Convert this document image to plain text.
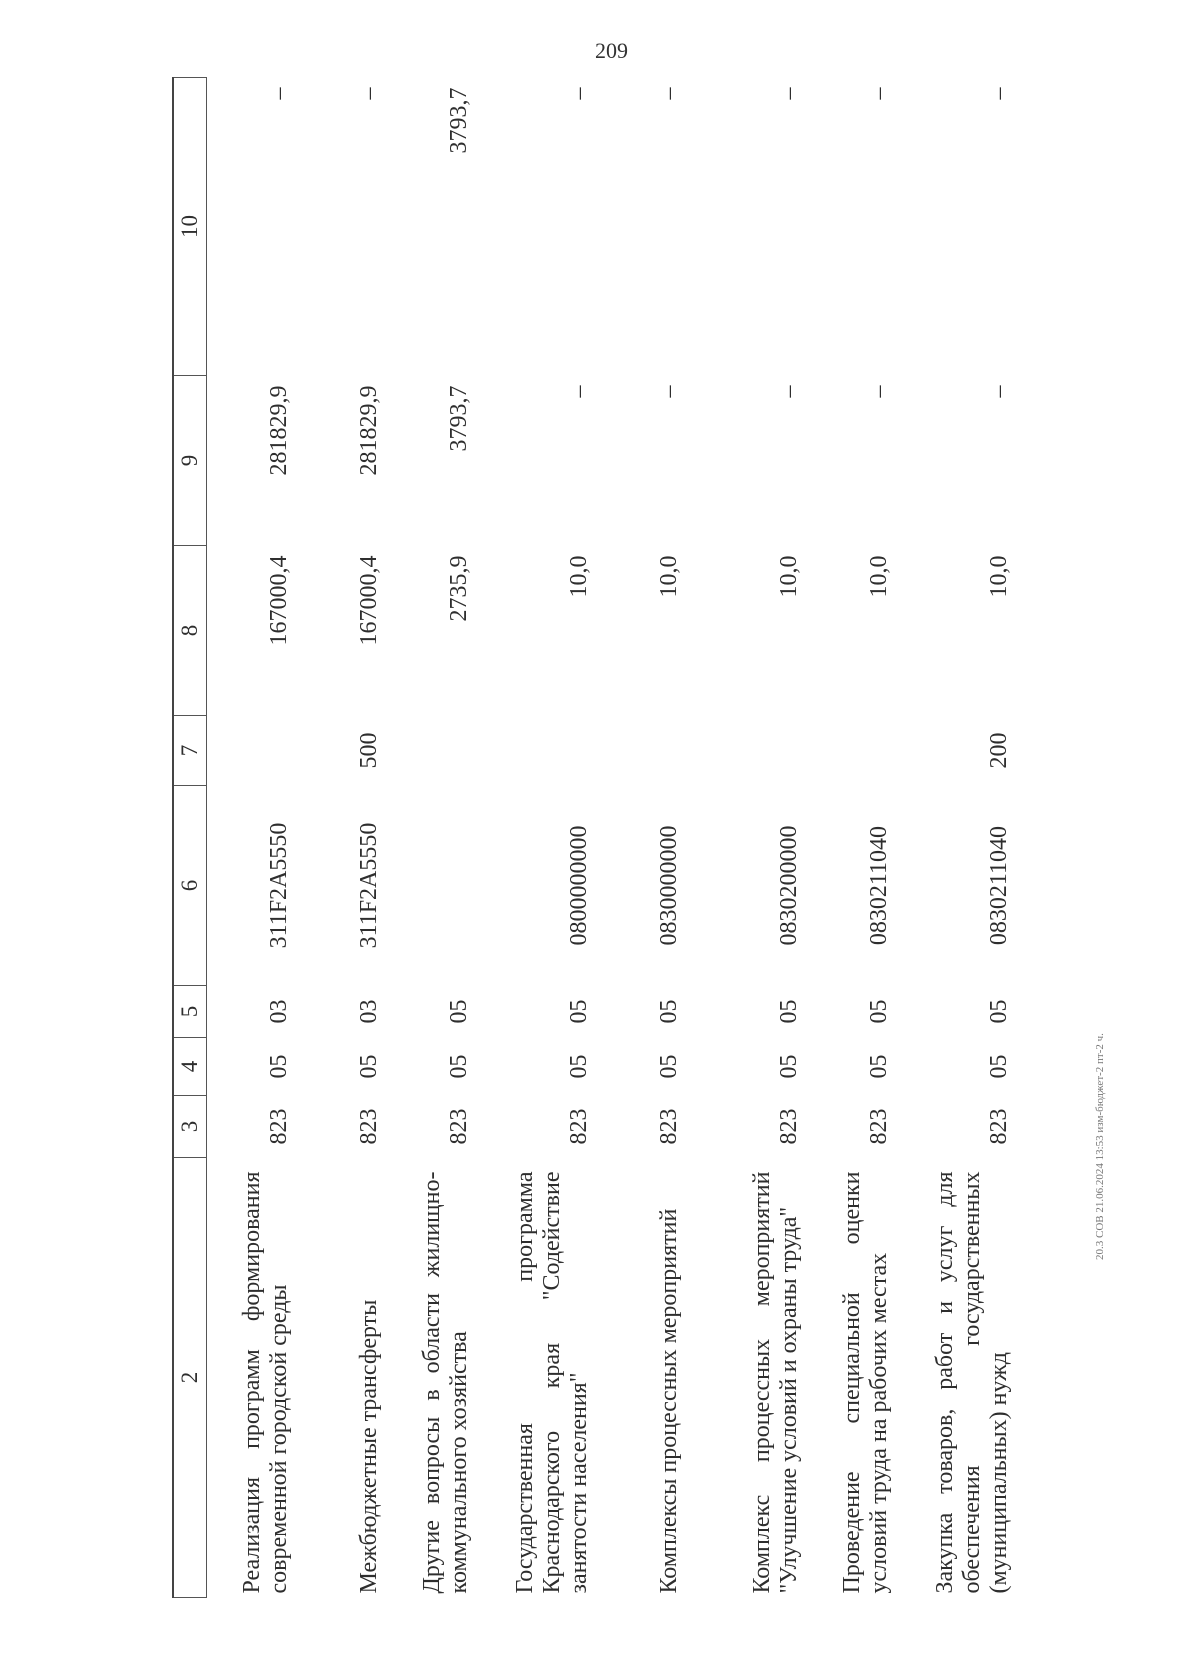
209
2	3	4	5	6	7	8	9	10
Реализация программ формирования современной городской среды	823	05	03	311F2A5550		167000,4	281829,9	–
Межбюджетные трансферты	823	05	03	311F2A5550	500	167000,4	281829,9	–
Другие вопросы в области жилищно-коммунального хозяйства	823	05	05			2735,9	3793,7	3793,7
Государственная программа Краснодарского края "Содействие занятости населения"	823	05	05	0800000000		10,0	–	–
Комплексы процессных мероприятий	823	05	05	0830000000		10,0	–	–
Комплекс процессных мероприятий "Улучшение условий и охраны труда"	823	05	05	0830200000		10,0	–	–
Проведение специальной оценки условий труда на рабочих местах	823	05	05	0830211040		10,0	–	–
Закупка товаров, работ и услуг для обеспечения государственных (муниципальных) нужд	823	05	05	0830211040	200	10,0	–	–
20.3 СОВ 21.06.2024 13:53 изм-бюджет-2 пт-2 ч.
